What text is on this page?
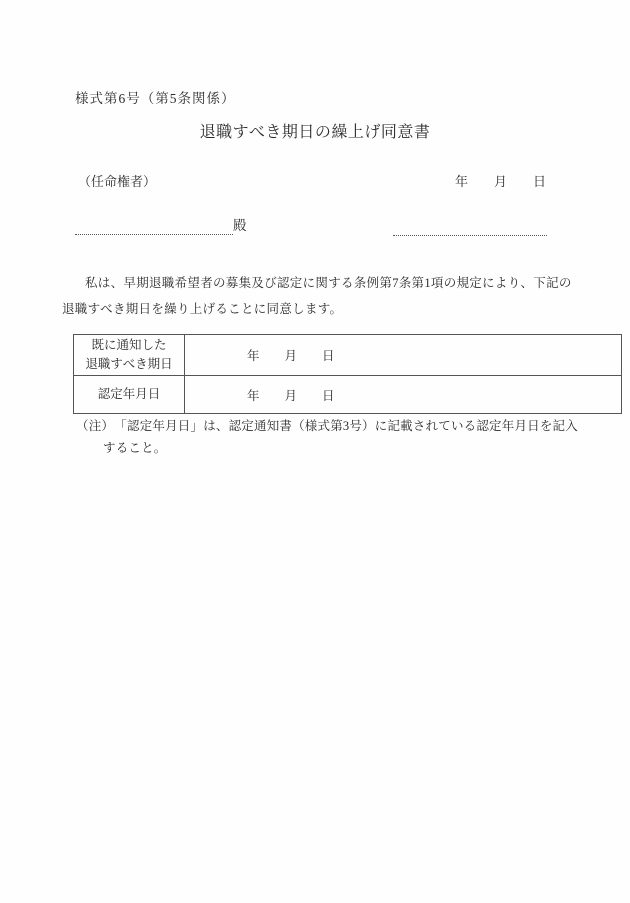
様式第6号（第5条関係）
退職すべき期日の繰上げ同意書
（任命権者）	年　　月　　日
殿
私は、早期退職希望者の募集及び認定に関する条例第7条第1項の規定により、下記の
退職すべき期日を繰り上げることに同意します。
既に通知した
退職すべき期日	年　　月　　日
認定年月日	年　　月　　日
（注）　「認定年月日」は、認定通知書（様式第3号）に記載されている認定年月日を記入
すること。
